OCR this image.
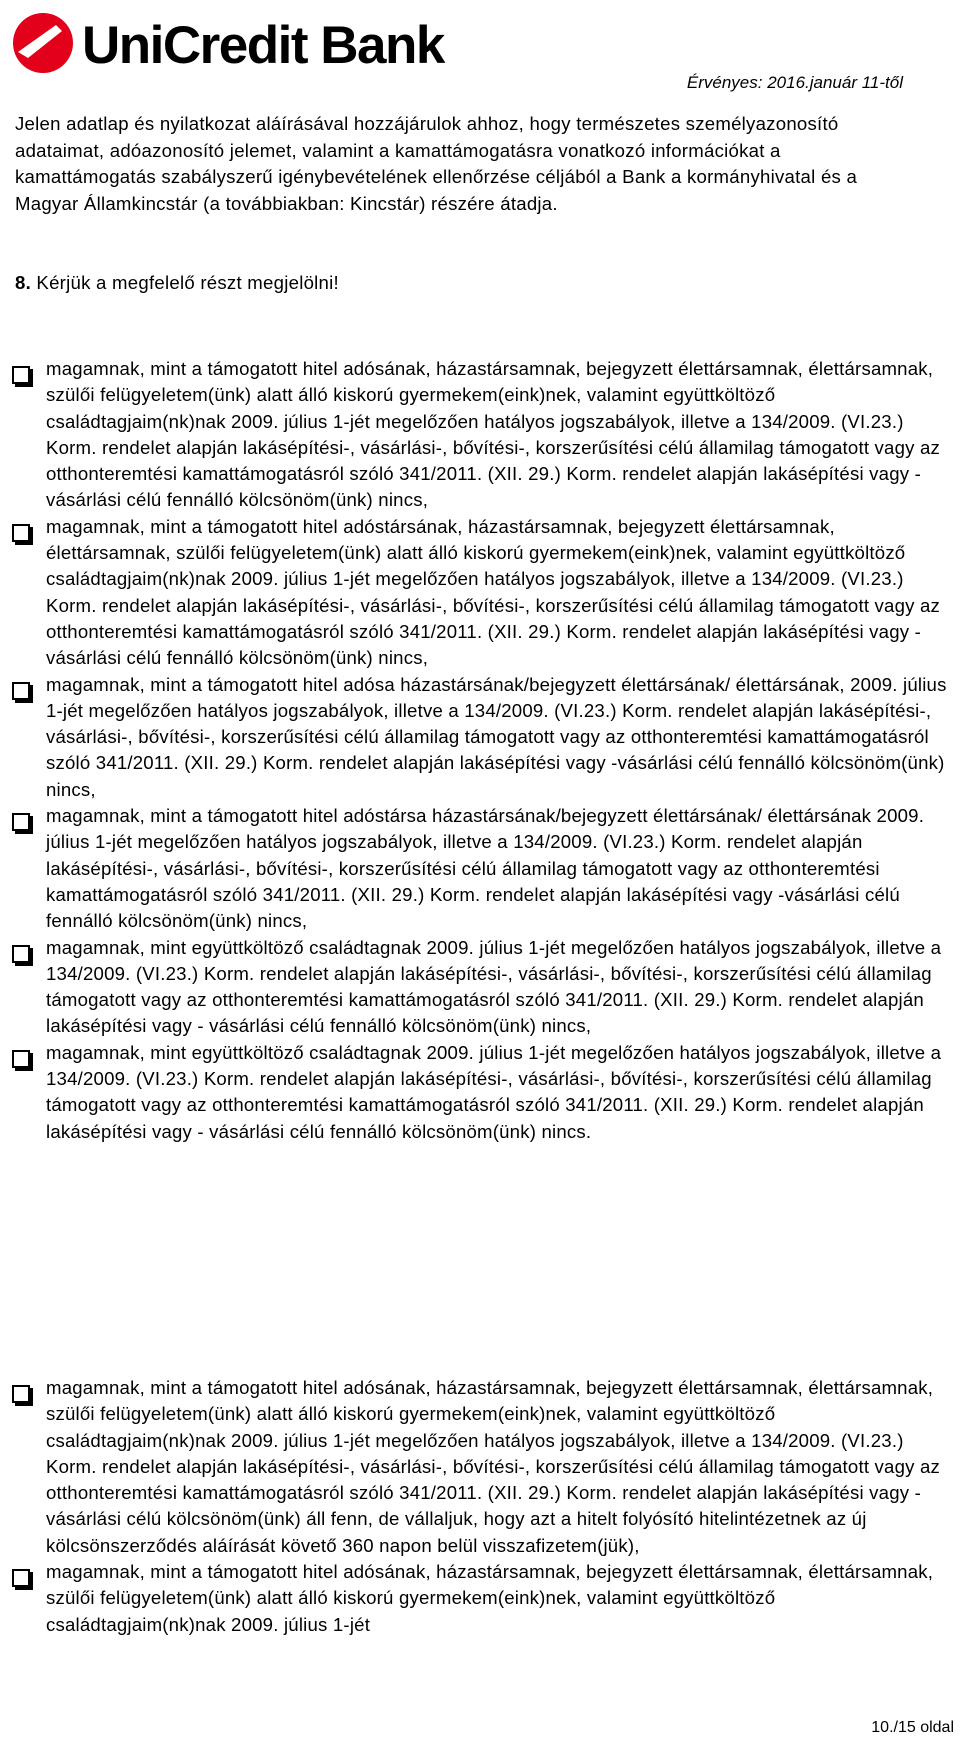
UniCredit Bank
Érvényes: 2016.január 11-től

Jelen adatlap és nyilatkozat aláírásával hozzájárulok ahhoz, hogy természetes személyazonosító adataimat, adóazonosító jelemet, valamint a kamattámogatásra vonatkozó információkat a kamattámogatás szabályszerű igénybevételének ellenőrzése céljából a Bank a kormányhivatal és a Magyar Államkincstár (a továbbiakban: Kincstár) részére átadja.

8. Kérjük a megfelelő részt megjelölni!

magamnak, mint a támogatott hitel adósának, házastársamnak, bejegyzett élettársamnak, élettársamnak, szülői felügyeletem(ünk) alatt álló kiskorú gyermekem(eink)nek, valamint együttköltöző családtagjaim(nk)nak 2009. július 1-jét megelőzően hatályos jogszabályok, illetve a 134/2009. (VI.23.) Korm. rendelet alapján lakásépítési-, vásárlási-, bővítési-, korszerűsítési célú államilag támogatott vagy az otthonteremtési kamattámogatásról szóló 341/2011. (XII. 29.) Korm. rendelet alapján lakásépítési vagy -vásárlási célú fennálló kölcsönöm(ünk) nincs,

magamnak, mint a támogatott hitel adóstársának, házastársamnak, bejegyzett élettársamnak, élettársamnak, szülői felügyeletem(ünk) alatt álló kiskorú gyermekem(eink)nek, valamint együttköltöző családtagjaim(nk)nak 2009. július 1-jét megelőzően hatályos jogszabályok, illetve a 134/2009. (VI.23.) Korm. rendelet alapján lakásépítési-, vásárlási-, bővítési-, korszerűsítési célú államilag támogatott vagy az otthonteremtési kamattámogatásról szóló 341/2011. (XII. 29.) Korm. rendelet alapján lakásépítési vagy -vásárlási célú fennálló kölcsönöm(ünk) nincs,

magamnak, mint a támogatott hitel adósa házastársának/bejegyzett élettársának/ élettársának, 2009. július 1-jét megelőzően hatályos jogszabályok, illetve a 134/2009. (VI.23.) Korm. rendelet alapján lakásépítési-, vásárlási-, bővítési-, korszerűsítési célú államilag támogatott vagy az otthonteremtési kamattámogatásról szóló 341/2011. (XII. 29.) Korm. rendelet alapján lakásépítési vagy -vásárlási célú fennálló kölcsönöm(ünk) nincs,

magamnak, mint a támogatott hitel adóstársa házastársának/bejegyzett élettársának/ élettársának 2009. július 1-jét megelőzően hatályos jogszabályok, illetve a 134/2009. (VI.23.) Korm. rendelet alapján lakásépítési-, vásárlási-, bővítési-, korszerűsítési célú államilag támogatott vagy az otthonteremtési kamattámogatásról szóló 341/2011. (XII. 29.) Korm. rendelet alapján lakásépítési vagy -vásárlási célú fennálló kölcsönöm(ünk) nincs,

magamnak, mint együttköltöző családtagnak 2009. július 1-jét megelőzően hatályos jogszabályok, illetve a 134/2009. (VI.23.) Korm. rendelet alapján lakásépítési-, vásárlási-, bővítési-, korszerűsítési célú államilag támogatott vagy az otthonteremtési kamattámogatásról szóló 341/2011. (XII. 29.) Korm. rendelet alapján lakásépítési vagy - vásárlási célú fennálló kölcsönöm(ünk) nincs,

magamnak, mint együttköltöző családtagnak 2009. július 1-jét megelőzően hatályos jogszabályok, illetve a 134/2009. (VI.23.) Korm. rendelet alapján lakásépítési-, vásárlási-, bővítési-, korszerűsítési célú államilag támogatott vagy az otthonteremtési kamattámogatásról szóló 341/2011. (XII. 29.) Korm. rendelet alapján lakásépítési vagy - vásárlási célú fennálló kölcsönöm(ünk) nincs.

magamnak, mint a támogatott hitel adósának, házastársamnak, bejegyzett élettársamnak, élettársamnak, szülői felügyeletem(ünk) alatt álló kiskorú gyermekem(eink)nek, valamint együttköltöző családtagjaim(nk)nak 2009. július 1-jét megelőzően hatályos jogszabályok, illetve a 134/2009. (VI.23.) Korm. rendelet alapján lakásépítési-, vásárlási-, bővítési-, korszerűsítési célú államilag támogatott vagy az otthonteremtési kamattámogatásról szóló 341/2011. (XII. 29.) Korm. rendelet alapján lakásépítési vagy -vásárlási célú kölcsönöm(ünk) áll fenn, de vállaljuk, hogy azt a hitelt folyósító hitelintézetnek az új kölcsönszerződés aláírását követő 360 napon belül visszafizetem(jük),

magamnak, mint a támogatott hitel adósának, házastársamnak, bejegyzett élettársamnak, élettársamnak, szülői felügyeletem(ünk) alatt álló kiskorú gyermekem(eink)nek, valamint együttköltöző családtagjaim(nk)nak 2009. július 1-jét

10./15 oldal
